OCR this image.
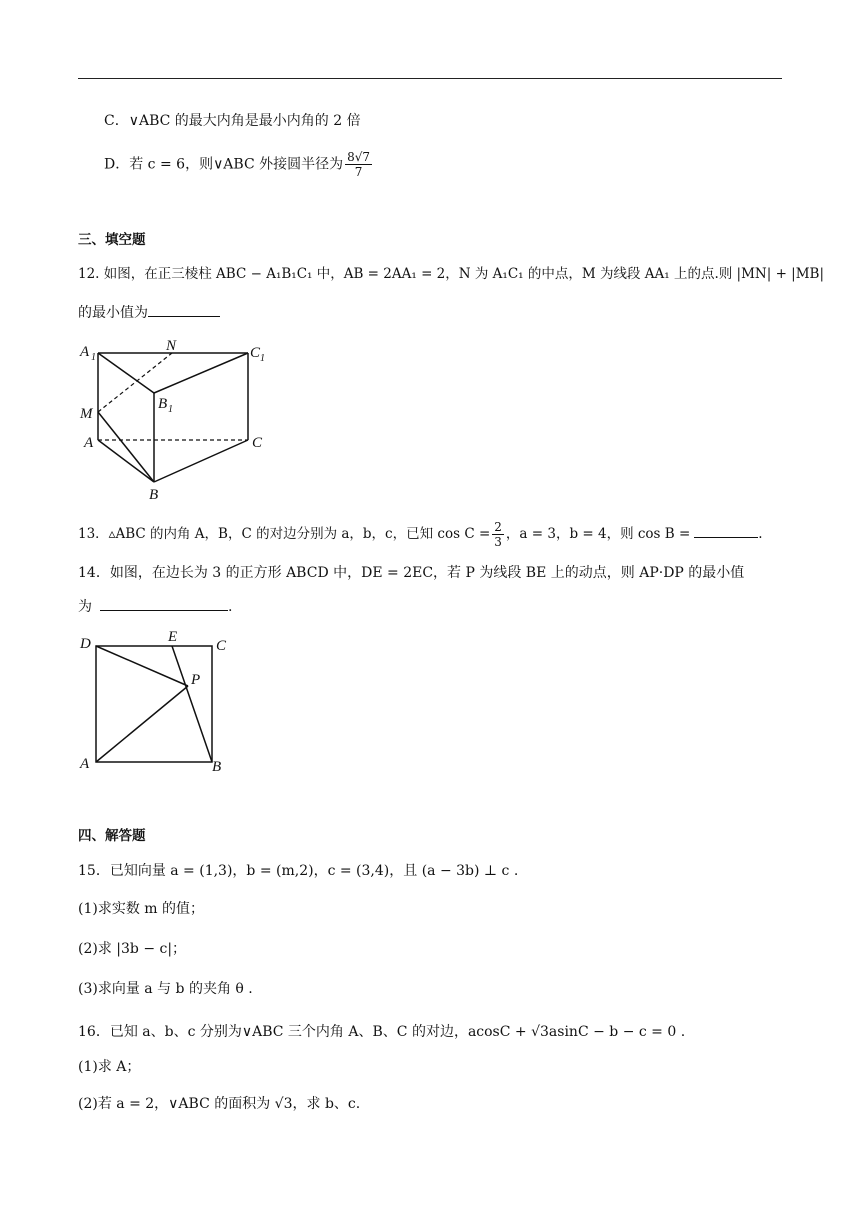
C．∨ABC 的最大内角是最小内角的 2 倍
D．若 c = 6，则∨ABC 外接圆半径为 $\frac{8√7}{7}$
三、填空题
12. 如图，在正三棱柱 ABC − A₁B₁C₁ 中，AB = 2AA₁ = 2，N 为 A₁C₁ 的中点，M 为线段 AA₁ 上的点.则 |MN| + |MB|
的最小值为
A 1
N	C 1
M
B 1
A	C
B
13．▵ABC 的内角 A，B，C 的对边分别为 a，b，c，已知 $\cos C = \frac{2}{3}$ ，a = 3，b = 4，则 cos B =	.
14．如图，在边长为 3 的正方形 ABCD 中，DE = 2EC，若 P 为线段 BE 上的动点，则 AP·DP 的最小值
为	.
D	E
C
P
A	B
四、解答题
15．已知向量 a = (1,3)，b = (m,2)，c = (3,4)，且 (a − 3b) ⊥ c .
(1)求实数 m 的值；
(2)求 |3b − c|；
(3)求向量 a 与 b 的夹角 θ .
16．已知 a、b、c 分别为∨ABC 三个内角 A、B、C 的对边，acosC + √3asinC − b − c = 0 .
(1)求 A；
(2)若 a = 2，∨ABC 的面积为 √3，求 b、c.
